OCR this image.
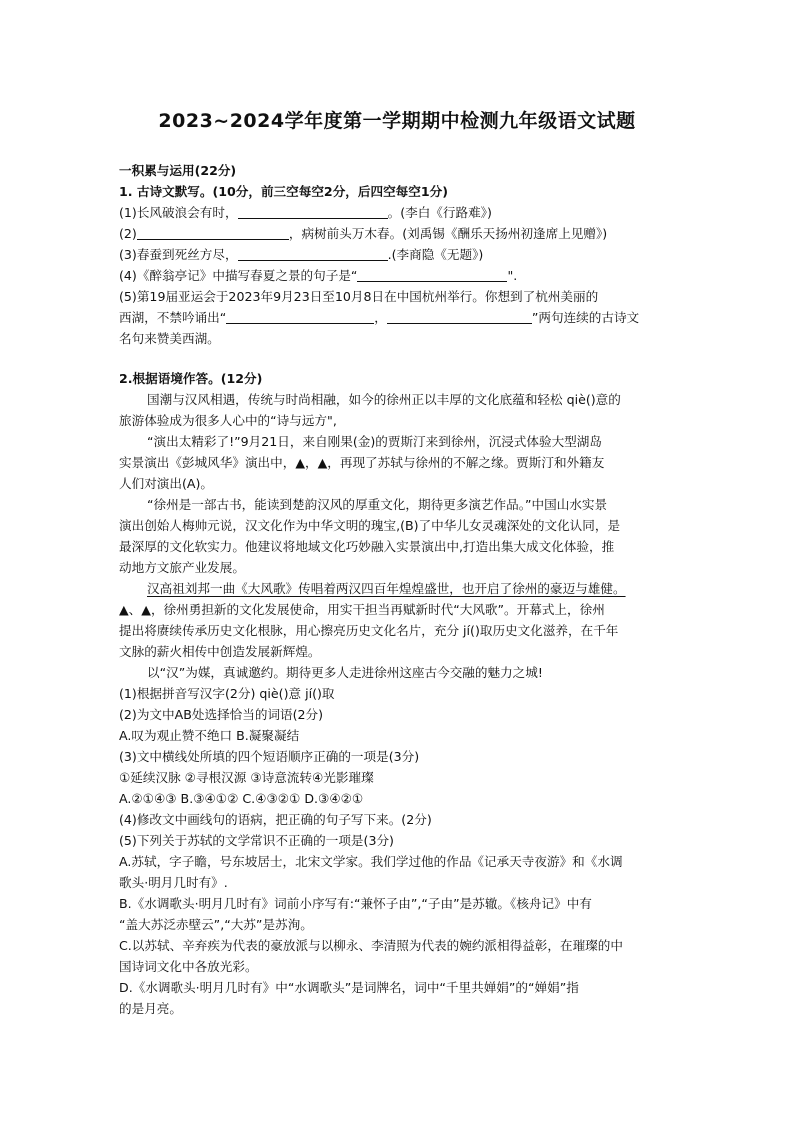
2023~2024学年度第一学期期中检测九年级语文试题
一积累与运用(22分)
1. 古诗文默写。(10分，前三空每空2分，后四空每空1分)
(1)长风破浪会有时，	。(李白《行路难》)
(2)	，病树前头万木春。(刘禹锡《酬乐天扬州初逢席上见赠》)
(3)春蚕到死丝方尽，	.(李商隐《无题》)
(4)《醉翁亭记》中描写春夏之景的句子是“	".
(5)第19届亚运会于2023年9月23日至10月8日在中国杭州举行。你想到了杭州美丽的
西湖，不禁吟诵出“	，	”两句连续的古诗文
名句来赞美西湖。
2.根据语境作答。(12分)
国潮与汉风相遇，传统与时尚相融，如今的徐州正以丰厚的文化底蕴和轻松 qiè()意的
旅游体验成为很多人心中的“诗与远方",
“演出太精彩了!”9月21日，来自刚果(金)的贾斯汀来到徐州，沉浸式体验大型湖岛
实景演出《彭城风华》演出中，▲，▲，再现了苏轼与徐州的不解之缘。贾斯汀和外籍友
人们对演出(A)。
“徐州是一部古书，能读到楚韵汉风的厚重文化，期待更多演艺作品。”中国山水实景
演出创始人梅帅元说，汉文化作为中华文明的瑰宝,(B)了中华儿女灵魂深处的文化认同，是
最深厚的文化软实力。他建议将地域文化巧妙融入实景演出中,打造出集大成文化体验，推
动地方文旅产业发展。
汉高祖刘邦一曲《大风歌》传唱着两汉四百年煌煌盛世，也开启了徐州的豪迈与雄健。
▲、▲，徐州勇担新的文化发展使命，用实干担当再赋新时代“大风歌”。开幕式上，徐州
提出将赓续传承历史文化根脉，用心擦亮历史文化名片，充分 jí()取历史文化滋养，在千年
文脉的薪火相传中创造发展新辉煌。
以“汉”为媒，真诚邀约。期待更多人走进徐州这座古今交融的魅力之城!
(1)根据拼音写汉字(2分) qiè()意 jí()取
(2)为文中AB处选择恰当的词语(2分)
A.叹为观止赞不绝口 B.凝聚凝结
(3)文中横线处所填的四个短语顺序正确的一项是(3分)
①延续汉脉 ②寻根汉源 ③诗意流转④光影璀璨
A.②①④③ B.③④①② C.④③②① D.③④②①
(4)修改文中画线句的语病，把正确的句子写下来。(2分)
(5)下列关于苏轼的文学常识不正确的一项是(3分)
A.苏轼，字子瞻，号东坡居士，北宋文学家。我们学过他的作品《记承天寺夜游》和《水调
歌头·明月几时有》.
B.《水调歌头·明月几时有》词前小序写有:“兼怀子由”,“子由”是苏辙。《核舟记》中有
“盖大苏泛赤壁云”,“大苏”是苏洵。
C.以苏轼、辛弃疾为代表的豪放派与以柳永、李清照为代表的婉约派相得益彰，在璀璨的中
国诗词文化中各放光彩。
D.《水调歌头·明月几时有》中“水调歌头”是词牌名，词中“千里共婵娟”的“婵娟”指
的是月亮。
